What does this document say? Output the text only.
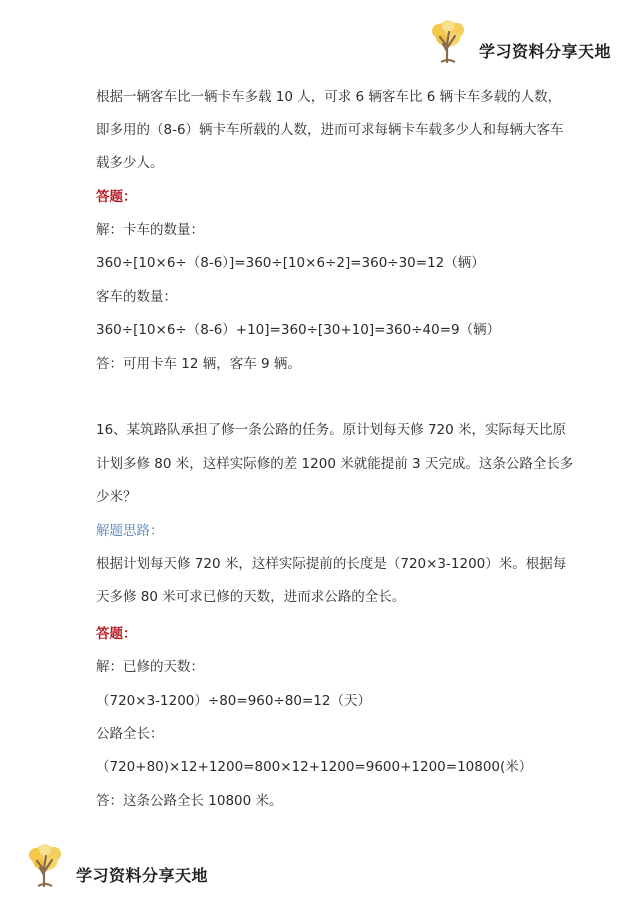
学习资料分享天地
根据一辆客车比一辆卡车多载 10 人，可求 6 辆客车比 6 辆卡车多载的人数，
即多用的（8-6）辆卡车所载的人数，进而可求每辆卡车载多少人和每辆大客车
载多少人。
答题：
解：卡车的数量：
360÷[10×6÷（8-6）]=360÷[10×6÷2]=360÷30=12（辆）
客车的数量：
360÷[10×6÷（8-6）+10]=360÷[30+10]=360÷40=9（辆）
答：可用卡车 12 辆，客车 9 辆。
16、某筑路队承担了修一条公路的任务。原计划每天修 720 米，实际每天比原
计划多修 80 米，这样实际修的差 1200 米就能提前 3 天完成。这条公路全长多
少米？
解题思路：
根据计划每天修 720 米，这样实际提前的长度是（720×3-1200）米。根据每
天多修 80 米可求已修的天数，进而求公路的全长。
答题：
解：已修的天数：
（720×3-1200）÷80=960÷80=12（天）
公路全长：
（720+80)×12+1200=800×12+1200=9600+1200=10800(米）
答：这条公路全长 10800 米。
学习资料分享天地
